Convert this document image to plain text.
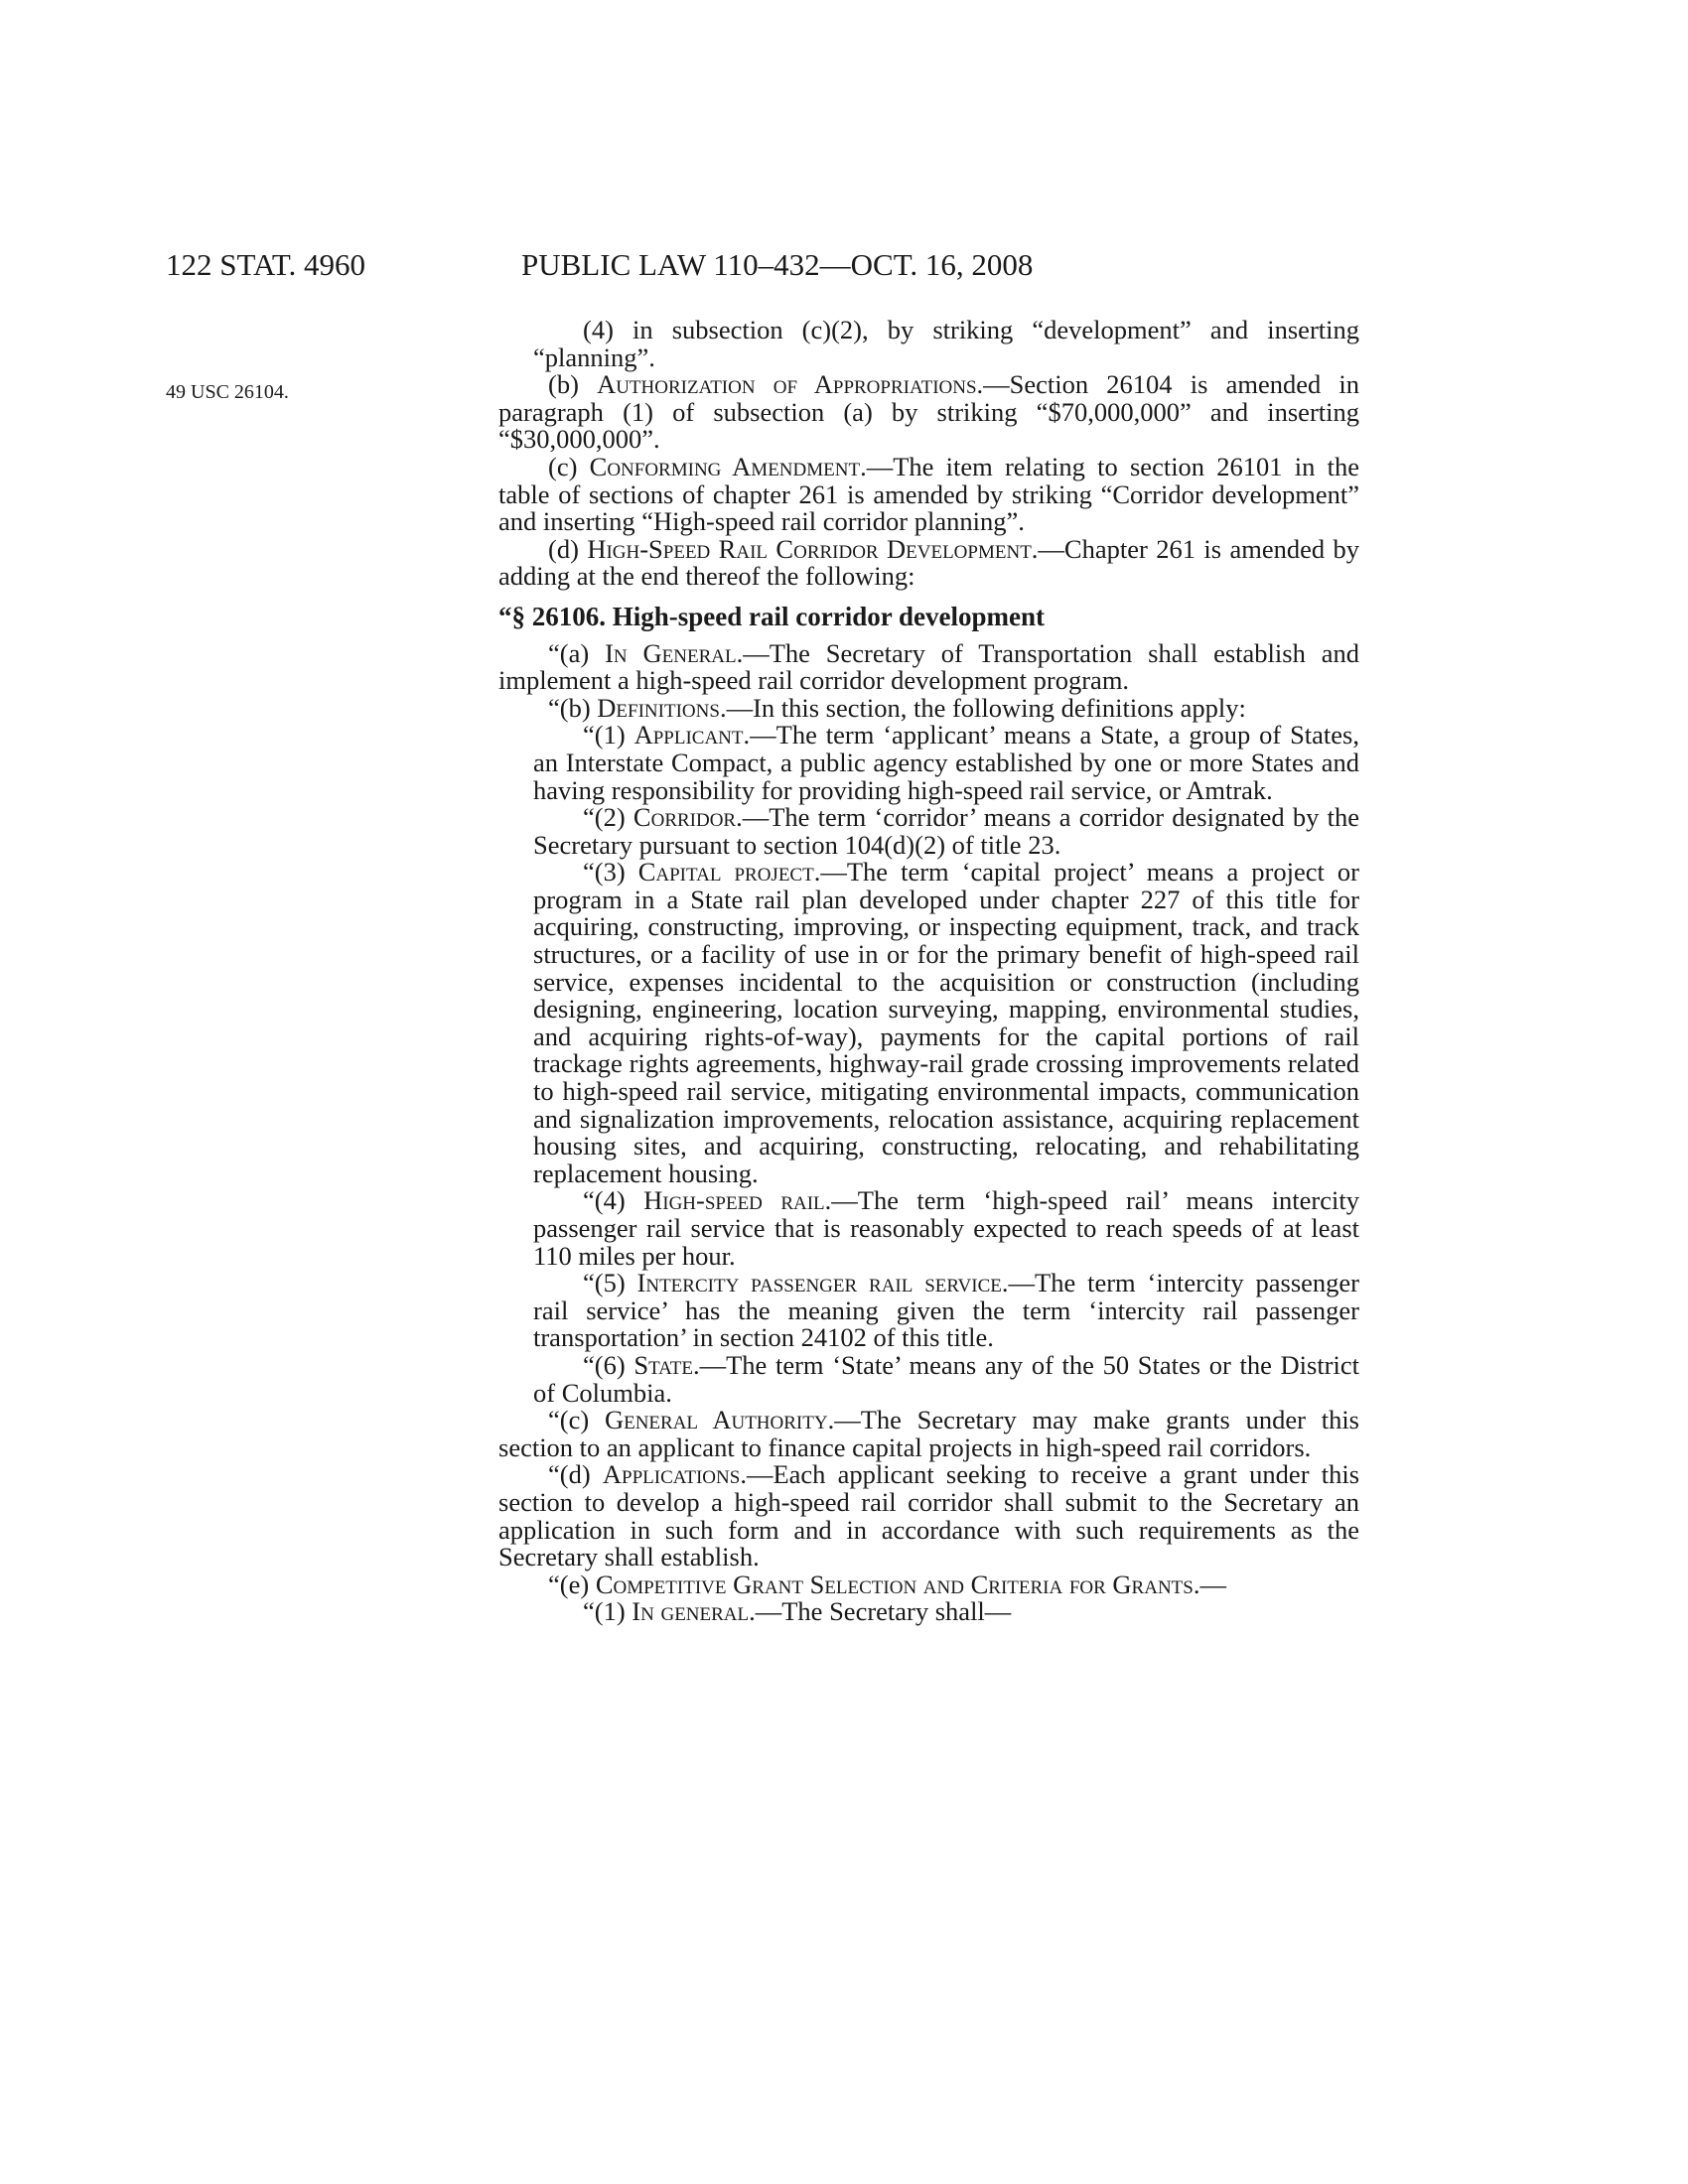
122 STAT. 4960	PUBLIC LAW 110–432—OCT. 16, 2008
49 USC 26104.

(4) in subsection (c)(2), by striking “development” and inserting “planning”.

(b) Authorization of Appropriations.—Section 26104 is amended in paragraph (1) of subsection (a) by striking “$70,000,000” and inserting “$30,000,000”.

(c) Conforming Amendment.—The item relating to section 26101 in the table of sections of chapter 261 is amended by striking “Corridor development” and inserting “High-speed rail corridor planning”.

(d) High-Speed Rail Corridor Development.—Chapter 261 is amended by adding at the end thereof the following:

“§ 26106. High-speed rail corridor development

“(a) In General.—The Secretary of Transportation shall establish and implement a high-speed rail corridor development program.

“(b) Definitions.—In this section, the following definitions apply:

“(1) Applicant.—The term ‘applicant’ means a State, a group of States, an Interstate Compact, a public agency established by one or more States and having responsibility for providing high-speed rail service, or Amtrak.

“(2) Corridor.—The term ‘corridor’ means a corridor designated by the Secretary pursuant to section 104(d)(2) of title 23.

“(3) Capital project.—The term ‘capital project’ means a project or program in a State rail plan developed under chapter 227 of this title for acquiring, constructing, improving, or inspecting equipment, track, and track structures, or a facility of use in or for the primary benefit of high-speed rail service, expenses incidental to the acquisition or construction (including designing, engineering, location surveying, mapping, environmental studies, and acquiring rights-of-way), payments for the capital portions of rail trackage rights agreements, highway-rail grade crossing improvements related to high-speed rail service, mitigating environmental impacts, communication and signalization improvements, relocation assistance, acquiring replacement housing sites, and acquiring, constructing, relocating, and rehabilitating replacement housing.

“(4) High-speed rail.—The term ‘high-speed rail’ means intercity passenger rail service that is reasonably expected to reach speeds of at least 110 miles per hour.

“(5) Intercity passenger rail service.—The term ‘intercity passenger rail service’ has the meaning given the term ‘intercity rail passenger transportation’ in section 24102 of this title.

“(6) State.—The term ‘State’ means any of the 50 States or the District of Columbia.

“(c) General Authority.—The Secretary may make grants under this section to an applicant to finance capital projects in high-speed rail corridors.

“(d) Applications.—Each applicant seeking to receive a grant under this section to develop a high-speed rail corridor shall submit to the Secretary an application in such form and in accordance with such requirements as the Secretary shall establish.

“(e) Competitive Grant Selection and Criteria for Grants.—

“(1) In general.—The Secretary shall—
